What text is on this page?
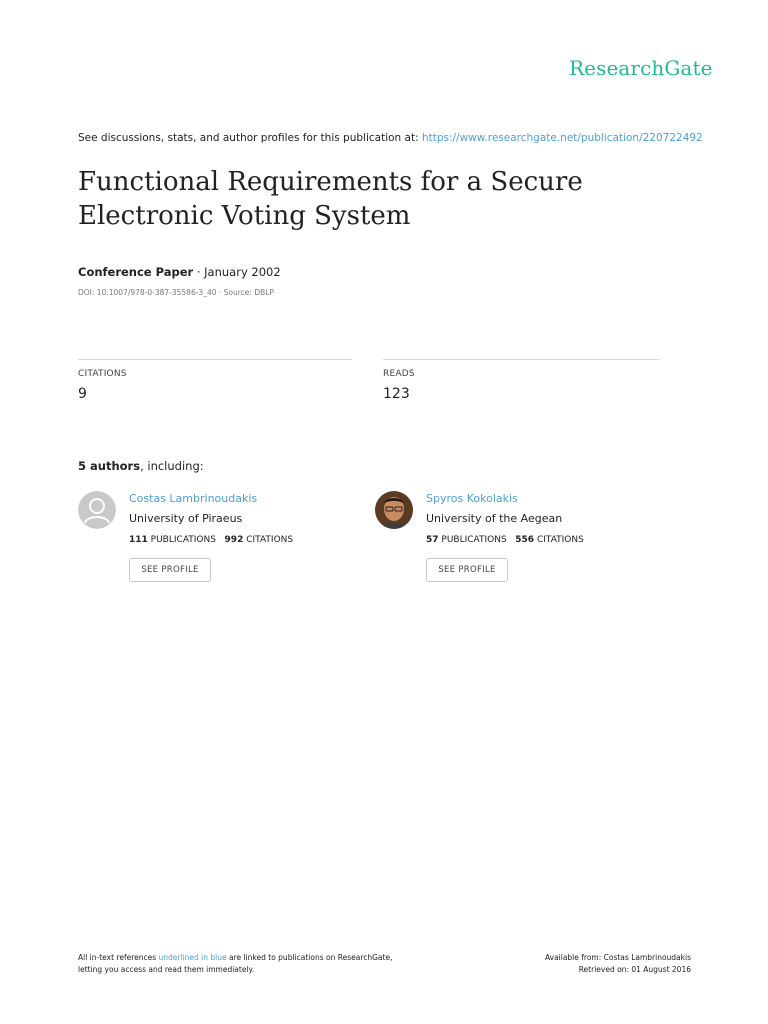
ResearchGate
See discussions, stats, and author profiles for this publication at: https://www.researchgate.net/publication/220722492
Functional Requirements for a Secure
Electronic Voting System
Conference Paper · January 2002
DOI: 10.1007/978-0-387-35586-3_40 · Source: DBLP
CITATIONS
9
READS
123
5 authors, including:
Costas Lambrinoudakis
University of Piraeus
111 PUBLICATIONS 992 CITATIONS
SEE PROFILE
Spyros Kokolakis
University of the Aegean
57 PUBLICATIONS 556 CITATIONS
SEE PROFILE
All in-text references underlined in blue are linked to publications on ResearchGate,
letting you access and read them immediately.
Available from: Costas Lambrinoudakis
Retrieved on: 01 August 2016
